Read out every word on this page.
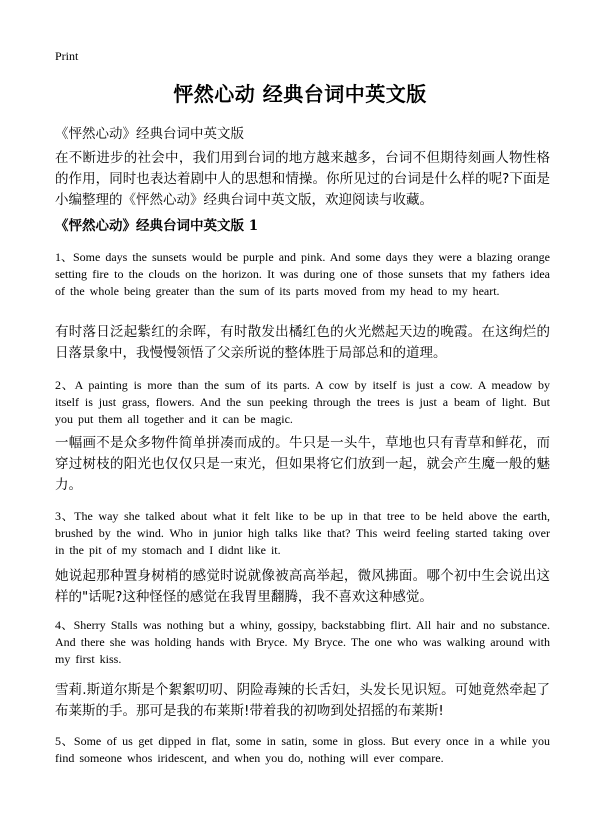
Print
怦然心动 经典台词中英文版
《怦然心动》经典台词中英文版
在不断进步的社会中，我们用到台词的地方越来越多，台词不但期待刻画人物性格的作用，同时也表达着剧中人的思想和情操。你所见过的台词是什么样的呢?下面是小编整理的《怦然心动》经典台词中英文版，欢迎阅读与收藏。
《怦然心动》经典台词中英文版 1
1、Some days the sunsets would be purple and pink. And some days they were a blazing orange setting fire to the clouds on the horizon. It was during one of those sunsets that my fathers idea of the whole being greater than the sum of its parts moved from my head to my heart.
有时落日泛起紫红的余晖，有时散发出橘红色的火光燃起天边的晚霞。在这绚烂的日落景象中，我慢慢领悟了父亲所说的整体胜于局部总和的道理。
2、A painting is more than the sum of its parts. A cow by itself is just a cow. A meadow by itself is just grass, flowers. And the sun peeking through the trees is just a beam of light. But you put them all together and it can be magic.
一幅画不是众多物件简单拼凑而成的。牛只是一头牛，草地也只有青草和鲜花，而穿过树枝的阳光也仅仅只是一束光，但如果将它们放到一起，就会产生魔一般的魅力。
3、The way she talked about what it felt like to be up in that tree to be held above the earth, brushed by the wind. Who in junior high talks like that? This weird feeling started taking over in the pit of my stomach and I didnt like it.
她说起那种置身树梢的感觉时说就像被高高举起，微风拂面。哪个初中生会说出这样的"话呢?这种怪怪的感觉在我胃里翻腾，我不喜欢这种感觉。
4、Sherry Stalls was nothing but a whiny, gossipy, backstabbing flirt. All hair and no substance. And there she was holding hands with Bryce. My Bryce. The one who was walking around with my first kiss.
雪莉.斯道尔斯是个絮絮叨叨、阴险毒辣的长舌妇，头发长见识短。可她竟然牵起了布莱斯的手。那可是我的布莱斯!带着我的初吻到处招摇的布莱斯!
5、Some of us get dipped in flat, some in satin, some in gloss. But every once in a while you find someone whos iridescent, and when you do, nothing will ever compare.
